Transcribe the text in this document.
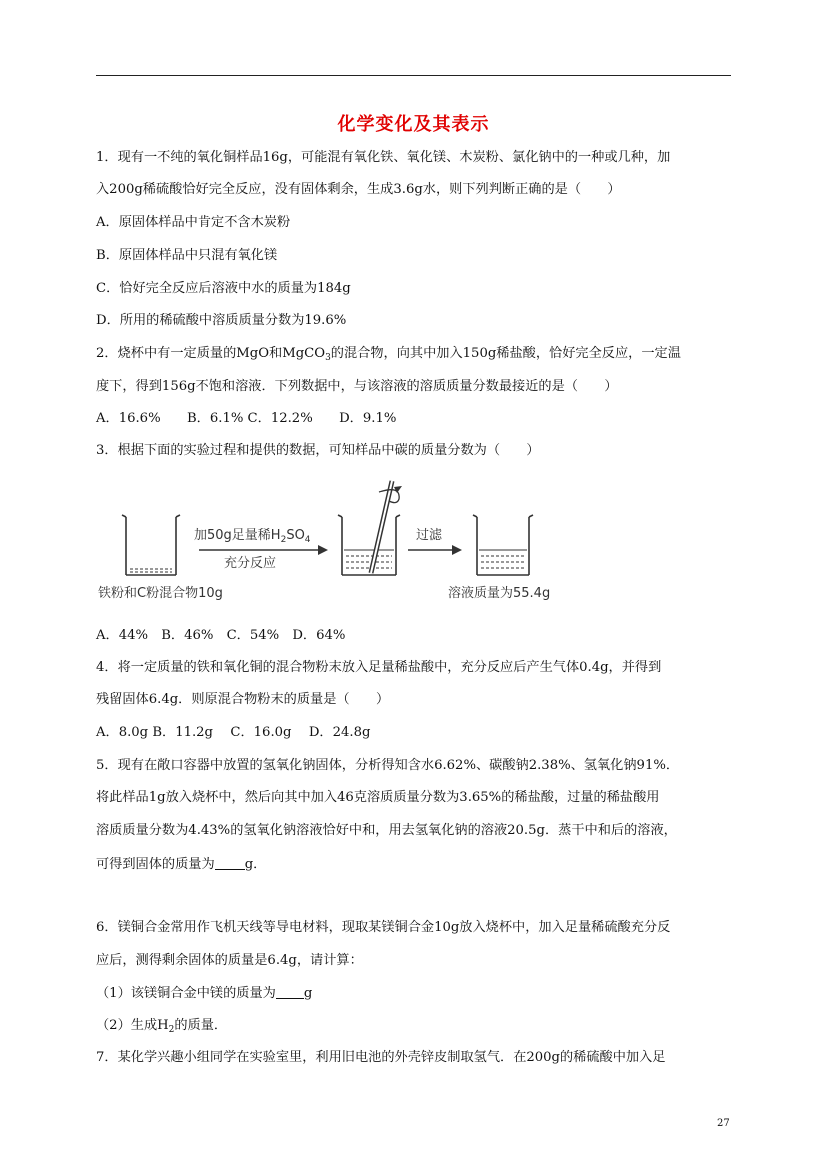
化学变化及其表示
1．现有一不纯的氧化铜样品16g，可能混有氧化铁、氧化镁、木炭粉、氯化钠中的一种或几种，加
入200g稀硫酸恰好完全反应，没有固体剩余，生成3.6g水，则下列判断正确的是（　　）
A．原固体样品中肯定不含木炭粉
B．原固体样品中只混有氧化镁
C．恰好完全反应后溶液中水的质量为184g
D．所用的稀硫酸中溶质质量分数为19.6%
2．烧杯中有一定质量的MgO和MgCO$_3$的混合物，向其中加入150g稀盐酸，恰好完全反应，一定温
度下，得到156g不饱和溶液．下列数据中，与该溶液的溶质质量分数最接近的是（　　）
A．16.6%　　B．6.1% C．12.2%　　D．9.1%
3．根据下面的实验过程和提供的数据，可知样品中碳的质量分数为（　　）
加50g足量稀$H_2SO_4$
充分反应
过滤
铁粉和C粉混合物10g	溶液质量为55.4g
A．44%　B．46%　C．54%　D．64%
4．将一定质量的铁和氧化铜的混合物粉末放入足量稀盐酸中，充分反应后产生气体0.4g，并得到
残留固体6.4g．则原混合物粉末的质量是（　　）
A．8.0g B．11.2g　 C．16.0g　 D．24.8g
5．现有在敞口容器中放置的氢氧化钠固体，分析得知含水6.62%、碳酸钠2.38%、氢氧化钠91%．
将此样品1g放入烧杯中，然后向其中加入46克溶质质量分数为3.65%的稀盐酸，过量的稀盐酸用
溶质质量分数为4.43%的氢氧化钠溶液恰好中和，用去氢氧化钠的溶液20.5g．蒸干中和后的溶液，
可得到固体的质量为 g．
6．镁铜合金常用作飞机天线等导电材料，现取某镁铜合金10g放入烧杯中，加入足量稀硫酸充分反
应后，测得剩余固体的质量是6.4g，请计算：
（1）该镁铜合金中镁的质量为 g
（2）生成$H_2$的质量．
7．某化学兴趣小组同学在实验室里，利用旧电池的外壳锌皮制取氢气．在200g的稀硫酸中加入足
27
